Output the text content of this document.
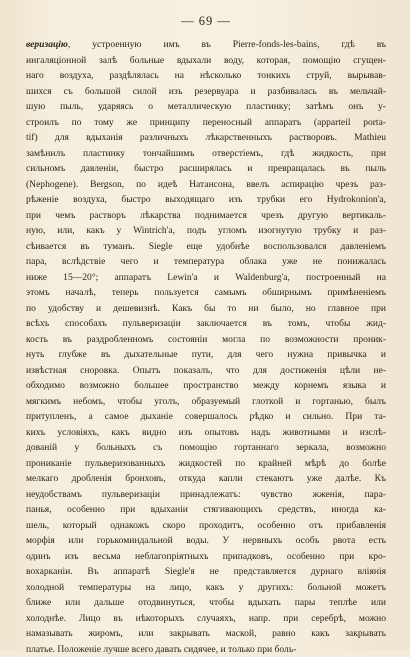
— 69 —
веризацію, устроенную имъ въ Pierre-fonds-les-bains, гдѣ въ
ингаляціонной залѣ больные вдыхали воду, которая, помощію сгущен-
наго воздуха, раздѣлялась на нѣсколько тонкихъ струй, вырывав-
шихся съ большой силой изъ резервуара и разбивалась въ мельчай-
шую пыль, ударяясь о металлическую пластинку; затѣмъ онъ у-
строилъ по тому же принципу переносный аппаратъ (appartеil porta-
tif) для вдыханія различныхъ лѣкарственныхъ растворовъ. Mathieu
замѣнилъ пластинку тончайшимъ отверстіемъ, гдѣ жидкость, при
сильномъ давленіи, быстро расширялась и превращалась въ пыль
(Nephogene). Bergson, по идеѣ Натансона, ввелъ аспирацію чрезъ раз-
рѣженіе воздуха, быстро выходящаго изъ трубки его Hydrokonion'а,
при чемъ растворъ лѣкарства поднимается чрезъ другую вертикаль-
ную, или, какъ у Wintrich'а, подъ угломъ изогнутую трубку и раз-
сѣивается въ туманъ. Siegle еще удобнѣе воспользовался давленіемъ
пара, вслѣдствіе чего и температура облака уже не понижалась
ниже 15—20°; аппаратъ Lewin'а и Waldenburg'а, построенный на
этомъ началѣ, теперь пользуется самымъ обширнымъ примѣненіемъ
по удобству и дешевизнѣ. Какъ бы то ни было, но главное при
всѣхъ способахъ пульверизаціи заключается въ томъ, чтобы жид-
кость въ раздробленномъ состояніи могла по возможности проник-
нуть глубже въ дыхательные пути, для чего нужна привычка и
извѣстная сноровка. Опытъ показалъ, что для достиженія цѣли не-
обходимо возможно большее пространство между корнемъ языка и
мягкимъ небомъ, чтобы уголъ, образуемый глоткой и гортанью, былъ
притупленъ, а самое дыханіе совершалось рѣдко и сильно. При та-
кихъ условіяхъ, какъ видно изъ опытовъ надъ животными и изслѣ-
дованій у больныхъ съ помощію гортаннаго зеркала, возможно
прониканіе пульверизованныхъ жидкостей по крайней мѣрѣ до болѣе
мелкаго дробленія бронховъ, откуда капли стекаютъ уже далѣе. Къ
неудобствамъ пульверизаціи принадлежатъ: чувство жженія, пара-
панья, особенно при вдыханіи стягивающихъ средствъ, иногда ка-
шель, который однакожъ скоро проходитъ, особенно отъ прибавленія
морфія или горькоминдальной воды. У нервныхъ особъ рвота есть
одинъ изъ весьма неблагопріятныхъ припадковъ, особенно при кро-
вохарканіи. Въ аппаратѣ Siegle'я не представляется дурнаго вліянія
холодной температуры на лицо, какъ у другихъ: больной можетъ
ближе или дальше отодвинуться, чтобы вдыхать пары теплѣе или
холоднѣе. Лицо въ нѣкоторыхъ случаяхъ, напр. при серебрѣ, можно
намазывать жиромъ, или закрывать маской, равно какъ закрывать
платье. Положеніе лучше всего давать сидячее, и только при боль-
